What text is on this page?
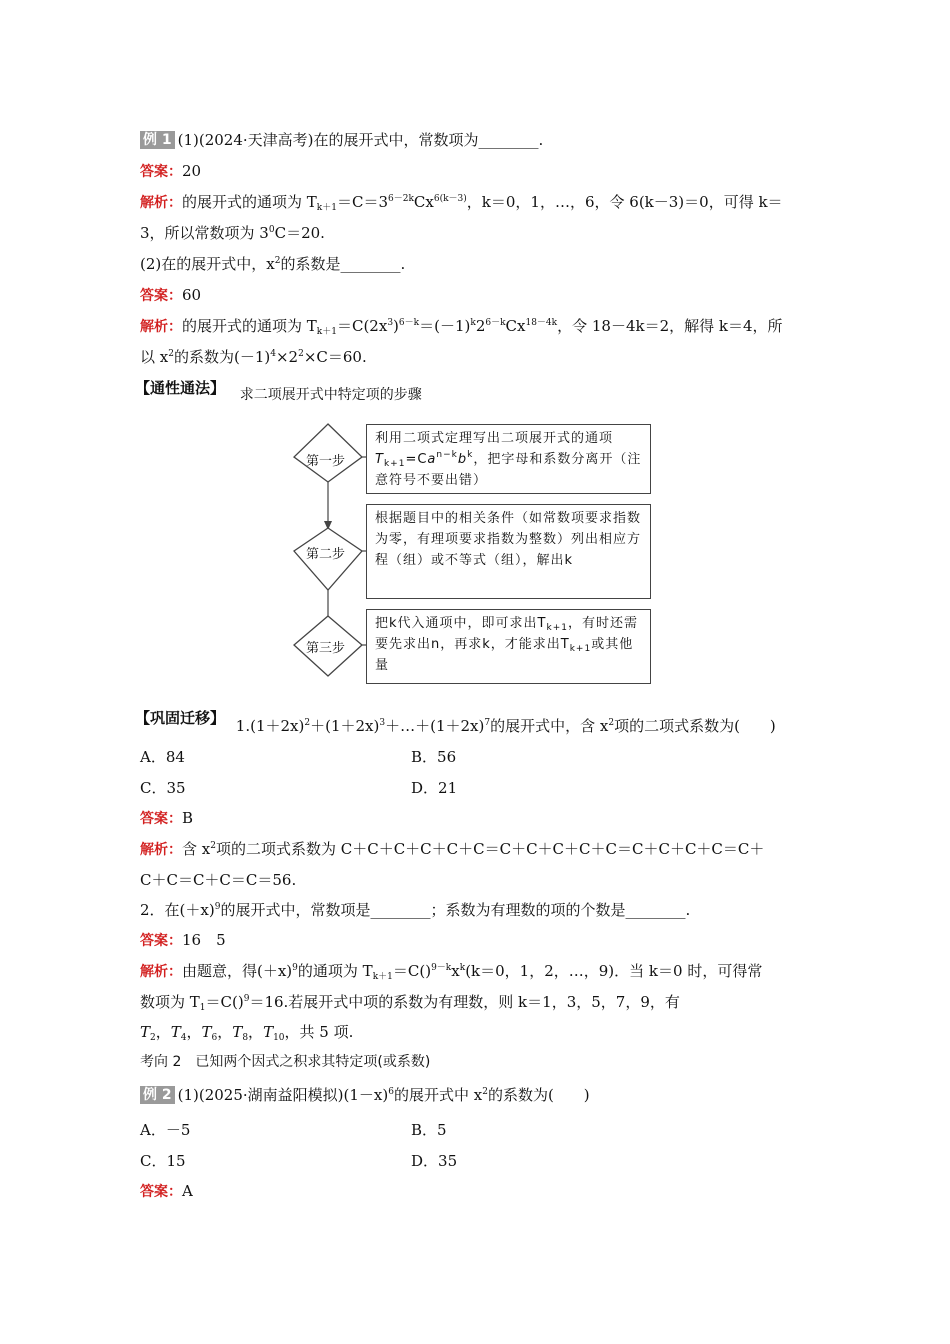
例 1 (1)(2024·天津高考)在的展开式中，常数项为________.
答案：20
解析：的展开式的通项为 $T_{k+1}=C=3^{6-2k}Cx^{6(k-3)}$，k＝0，1，…，6，令 6(k－3)＝0，可得 k＝
3，所以常数项为 $3^0C=20$.
(2)在的展开式中，$x^2$的系数是________.
答案：60
解析：的展开式的通项为 $T_{k+1}=C(2x^3)^{6-k}=(-1)^k2^{6-k}Cx^{18-4k}$，令 18－4k＝2，解得 k＝4，所
以 $x^2$的系数为$(-1)^4\times 2^2\times C=60$.
【通性通法】 求二项展开式中特定项的步骤
第一步
第二步
第三步
利用二项式定理写出二项展开式的通项
$T_{k+1}=Ca^{n-k}b^k$，把字母和系数分离开（注
意符号不要出错）
根据题目中的相关条件（如常数项要求指数为零，有理项要求指数为整数）列出相应方程（组）或不等式（组），解出k
把k代入通项中，即可求出$T_{k+1}$，有时还需要先求出n，再求k，才能求出$T_{k+1}$或其他量
【巩固迁移】 $1.(1+2x)^2+(1+2x)^3+\dots+(1+2x)^7$的展开式中，含 $x^2$项的二项式系数为(　　)
A．84	B．56
C．35	D．21
答案：B
解析：含 $x^2$项的二项式系数为 C＋C＋C＋C＋C＋C＝C＋C＋C＋C＋C＝C＋C＋C＋C＝C＋
C＋C＝C＋C＝C＝56.
2．在$(+x)^9$的展开式中，常数项是________；系数为有理数的项的个数是________.
答案：16　5
解析：由题意，得$(+x)^9$的通项为 $T_{k+1}=C()^{9-k}x^k(k=0$，1，2，…，9)．当 k＝0 时，可得常
数项为 $T_1=C()^9=16$.若展开式中项的系数为有理数，则 k＝1，3，5，7，9，有
$T_2$，$T_4$，$T_6$，$T_8$，$T_{10}$，共 5 项.
考向 2　已知两个因式之积求其特定项(或系数)
例 2 (1)(2025·湖南益阳模拟)$(1-x)^6$的展开式中 $x^2$的系数为(　　)
A．－5	B．5
C．15	D．35
答案：A
